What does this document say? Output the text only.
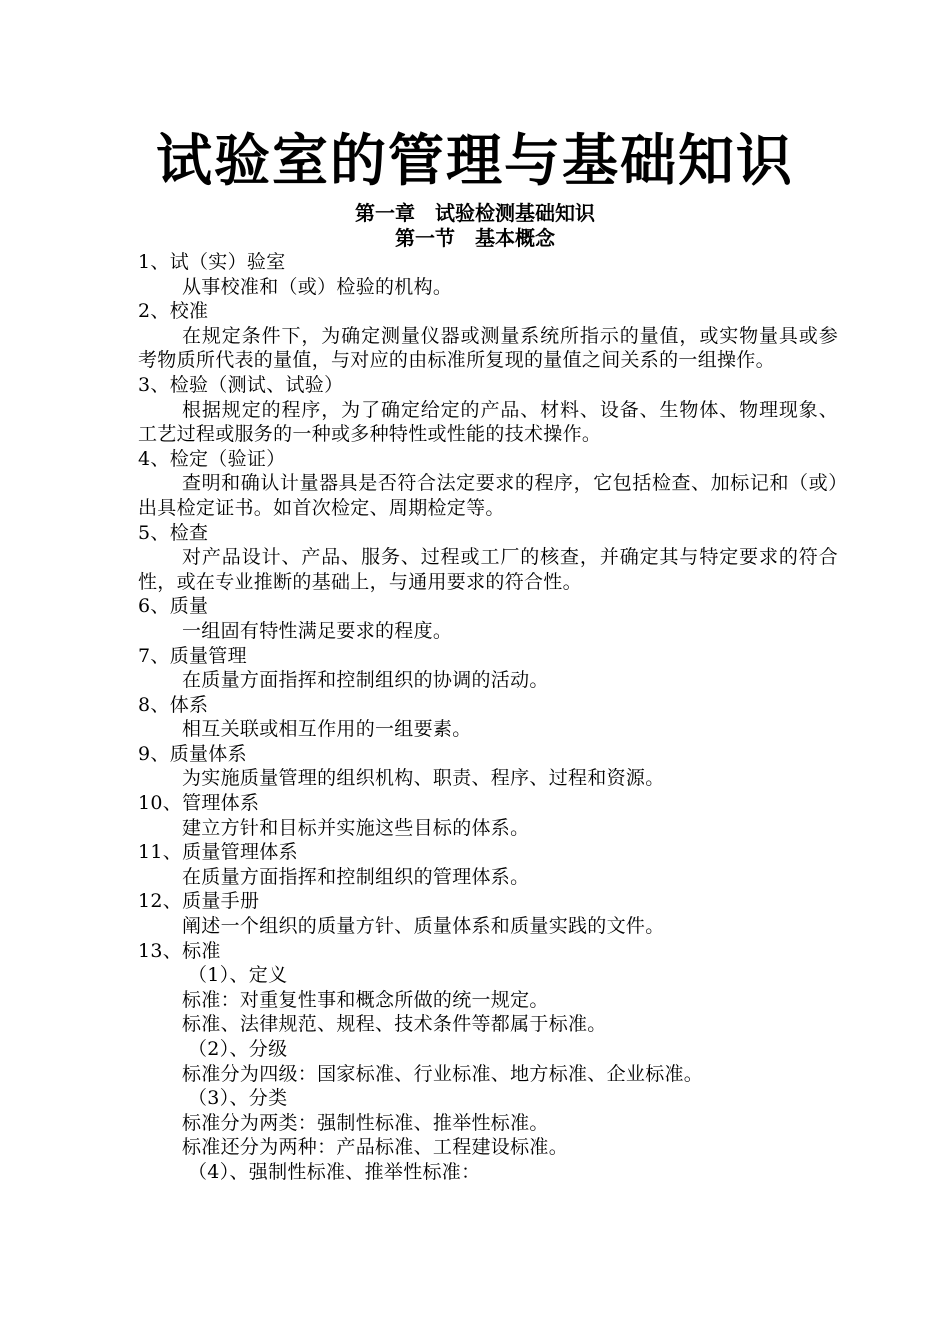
试验室的管理与基础知识
第一章　试验检测基础知识
第一节　基本概念
1、试（实）验室
从事校准和（或）检验的机构。
2、校准
在规定条件下，为确定测量仪器或测量系统所指示的量值，或实物量具或参考物质所代表的量值，与对应的由标准所复现的量值之间关系的一组操作。
3、检验（测试、试验）
根据规定的程序，为了确定给定的产品、材料、设备、生物体、物理现象、工艺过程或服务的一种或多种特性或性能的技术操作。
4、检定（验证）
查明和确认计量器具是否符合法定要求的程序，它包括检查、加标记和（或）出具检定证书。如首次检定、周期检定等。
5、检查
对产品设计、产品、服务、过程或工厂的核查，并确定其与特定要求的符合性，或在专业推断的基础上，与通用要求的符合性。
6、质量
一组固有特性满足要求的程度。
7、质量管理
在质量方面指挥和控制组织的协调的活动。
8、体系
相互关联或相互作用的一组要素。
9、质量体系
为实施质量管理的组织机构、职责、程序、过程和资源。
10、管理体系
建立方针和目标并实施这些目标的体系。
11、质量管理体系
在质量方面指挥和控制组织的管理体系。
12、质量手册
阐述一个组织的质量方针、质量体系和质量实践的文件。
13、标准
（1）、定义
标准：对重复性事和概念所做的统一规定。
标准、法律规范、规程、技术条件等都属于标准。
（2）、分级
标准分为四级：国家标准、行业标准、地方标准、企业标准。
（3）、分类
标准分为两类：强制性标准、推举性标准。
标准还分为两种：产品标准、工程建设标准。
（4）、强制性标准、推举性标准：
